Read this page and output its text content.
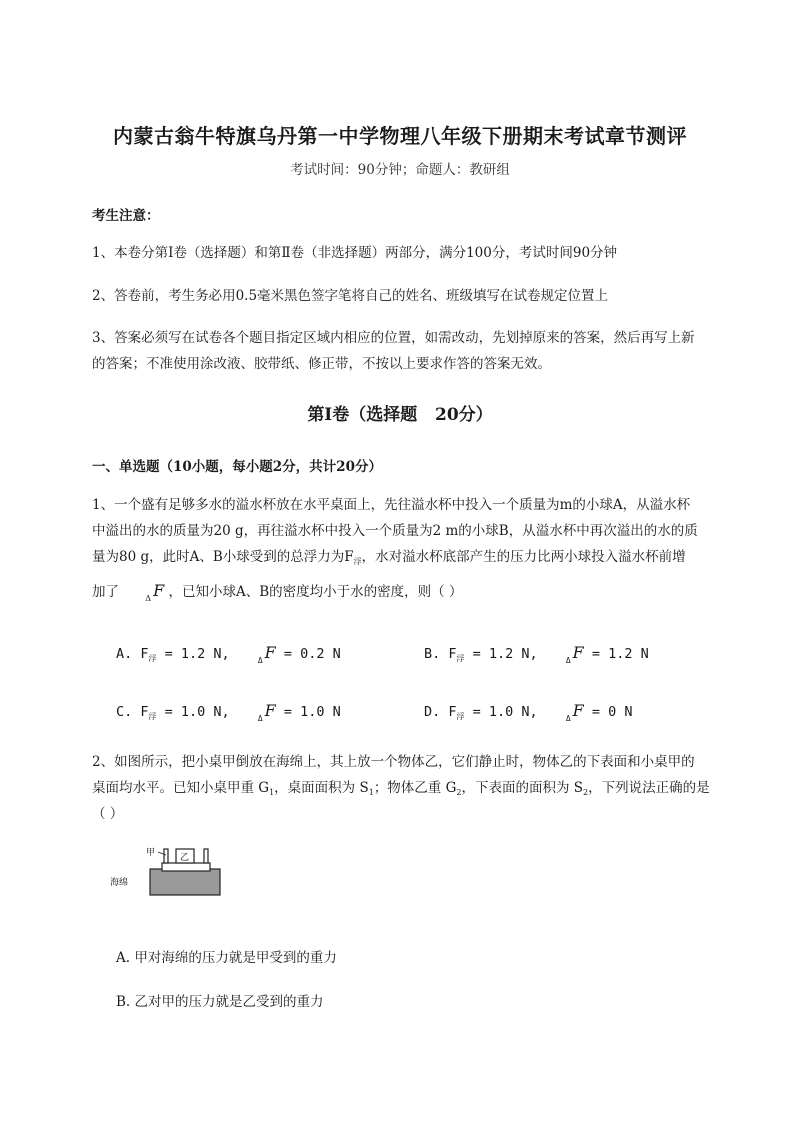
内蒙古翁牛特旗乌丹第一中学物理八年级下册期末考试章节测评
考试时间：90分钟；命题人：教研组
考生注意：
1、本卷分第I卷（选择题）和第Ⅱ卷（非选择题）两部分，满分100分，考试时间90分钟
2、答卷前，考生务必用0.5毫米黑色签字笔将自己的姓名、班级填写在试卷规定位置上
3、答案必须写在试卷各个题目指定区域内相应的位置，如需改动，先划掉原来的答案，然后再写上新
的答案；不准使用涂改液、胶带纸、修正带，不按以上要求作答的答案无效。
第I卷（选择题   20分）
一、单选题（10小题，每小题2分，共计20分）
1、一个盛有足够多水的溢水杯放在水平桌面上，先往溢水杯中投入一个质量为m的小球A，从溢水杯
中溢出的水的质量为20 g，再往溢水杯中投入一个质量为2 m的小球B，从溢水杯中再次溢出的水的质
量为80 g，此时A、B小球受到的总浮力为$F_浮$，水对溢水杯底部产生的压力比两小球投入溢水杯前增
加了	$_\Delta$ F ，已知小球A、B的密度均小于水的密度，则（ ）
A. $F_浮 = 1.2$ N,	$_\Delta$ F = 0.2 N	B. $F_浮 = 1.2$ N,	$_\Delta$ F = 1.2 N
C. $F_浮 = 1.0$ N,	$_\Delta$ F = 1.0 N	D. $F_浮 = 1.0$ N,	$_\Delta$ F = 0 N
2、如图所示，把小桌甲倒放在海绵上，其上放一个物体乙，它们静止时，物体乙的下表面和小桌甲的
桌面均水平。已知小桌甲重 $G_1$，桌面面积为 $S_1$；物体乙重 $G_2$，下表面的面积为 $S_2$，下列说法正确的是
（ ）
乙
甲
海绵
A. 甲对海绵的压力就是甲受到的重力
B. 乙对甲的压力就是乙受到的重力
